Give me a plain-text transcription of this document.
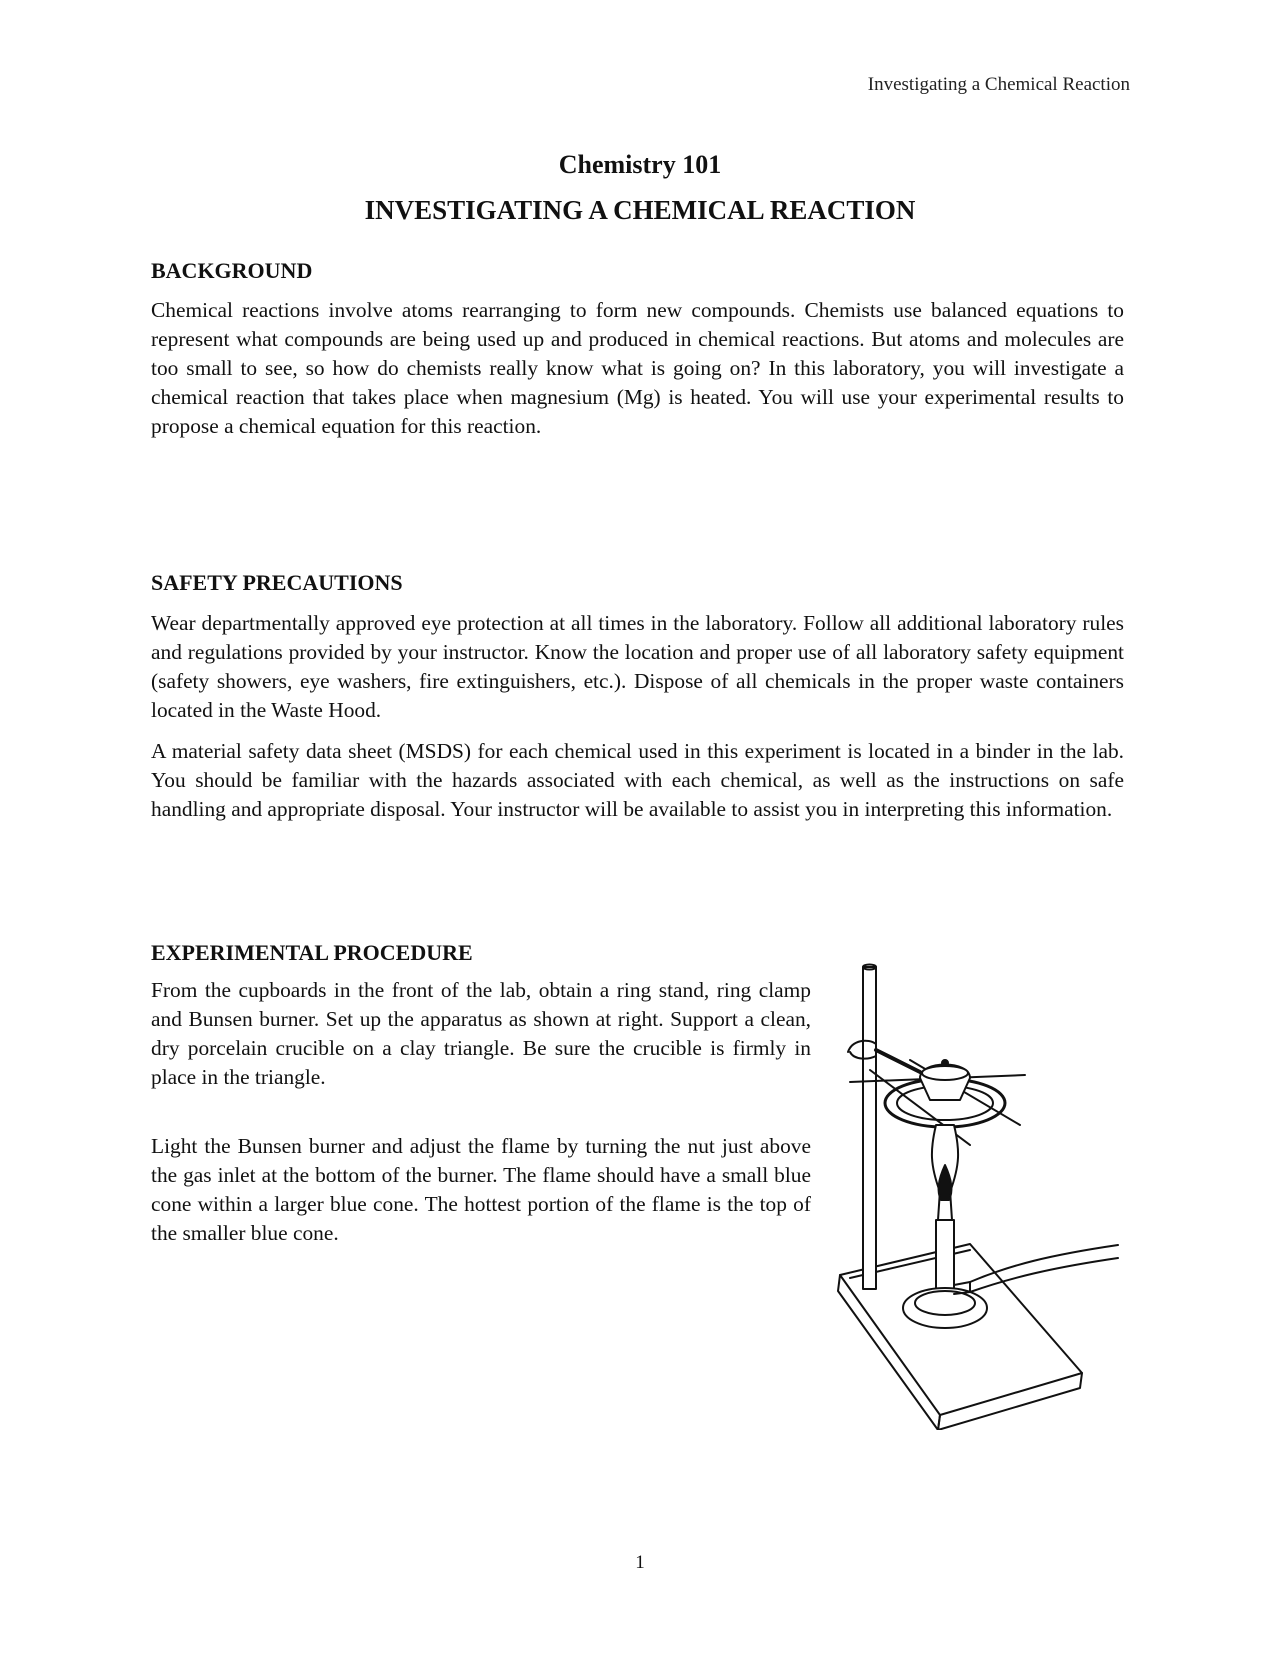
Investigating a Chemical Reaction
Chemistry 101
INVESTIGATING A CHEMICAL REACTION
BACKGROUND

Chemical reactions involve atoms rearranging to form new compounds. Chemists use balanced equations to represent what compounds are being used up and produced in chemical reactions. But atoms and molecules are too small to see, so how do chemists really know what is going on? In this laboratory, you will investigate a chemical reaction that takes place when magnesium (Mg) is heated. You will use your experimental results to propose a chemical equation for this reaction.

SAFETY PRECAUTIONS

Wear departmentally approved eye protection at all times in the laboratory. Follow all additional laboratory rules and regulations provided by your instructor. Know the location and proper use of all laboratory safety equipment (safety showers, eye washers, fire extinguishers, etc.). Dispose of all chemicals in the proper waste containers located in the Waste Hood.

A material safety data sheet (MSDS) for each chemical used in this experiment is located in a binder in the lab. You should be familiar with the hazards associated with each chemical, as well as the instructions on safe handling and appropriate disposal. Your instructor will be available to assist you in interpreting this information.

EXPERIMENTAL PROCEDURE

From the cupboards in the front of the lab, obtain a ring stand, ring clamp and Bunsen burner. Set up the apparatus as shown at right. Support a clean, dry porcelain crucible on a clay triangle. Be sure the crucible is firmly in place in the triangle.

Light the Bunsen burner and adjust the flame by turning the nut just above the gas inlet at the bottom of the burner. The flame should have a small blue cone within a larger blue cone. The hottest portion of the flame is the top of the smaller blue cone.

1
